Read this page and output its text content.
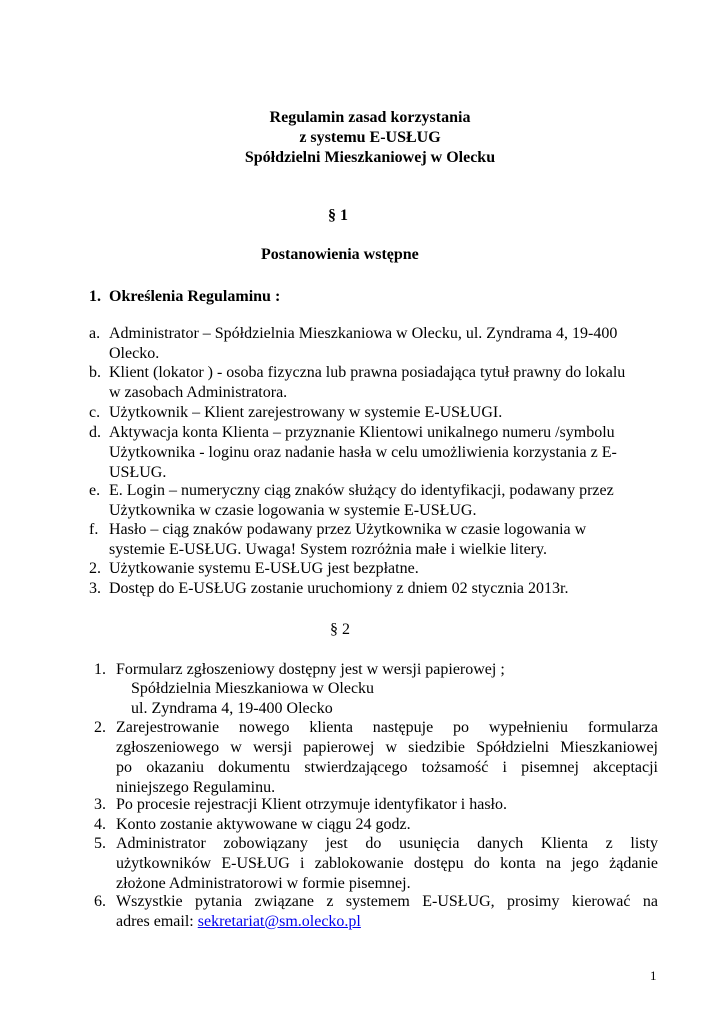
Regulamin zasad korzystania
z systemu E-USŁUG
Spółdzielni Mieszkaniowej w Olecku
§ 1
Postanowienia wstępne
1. Określenia Regulaminu :
a. Administrator – Spółdzielnia Mieszkaniowa w Olecku, ul. Zyndrama 4, 19-400
Olecko.
b. Klient (lokator ) - osoba fizyczna lub prawna posiadająca tytuł prawny do lokalu
w zasobach Administratora.
c. Użytkownik – Klient zarejestrowany w systemie E-USŁUGI.
d. Aktywacja konta Klienta – przyznanie Klientowi unikalnego numeru /symbolu
Użytkownika - loginu oraz nadanie hasła w celu umożliwienia korzystania z E-
USŁUG.
e. E. Login – numeryczny ciąg znaków służący do identyfikacji, podawany przez
Użytkownika w czasie logowania w systemie E-USŁUG.
f. Hasło – ciąg znaków podawany przez Użytkownika w czasie logowania w
systemie E-USŁUG. Uwaga! System rozróżnia małe i wielkie litery.
2. Użytkowanie systemu E-USŁUG jest bezpłatne.
3. Dostęp do E-USŁUG zostanie uruchomiony z dniem 02 stycznia 2013r.
§ 2
1. Formularz zgłoszeniowy dostępny jest w wersji papierowej ;
Spółdzielnia Mieszkaniowa w Olecku
ul. Zyndrama 4, 19-400 Olecko
2. Zarejestrowanie nowego klienta następuje po wypełnieniu formularza
zgłoszeniowego w wersji papierowej w siedzibie Spółdzielni Mieszkaniowej
po okazaniu dokumentu stwierdzającego tożsamość i pisemnej akceptacji
niniejszego Regulaminu.
3. Po procesie rejestracji Klient otrzymuje identyfikator i hasło.
4. Konto zostanie aktywowane w ciągu 24 godz.
5. Administrator zobowiązany jest do usunięcia danych Klienta z listy
użytkowników E-USŁUG i zablokowanie dostępu do konta na jego żądanie
złożone Administratorowi w formie pisemnej.
6. Wszystkie pytania związane z systemem E-USŁUG, prosimy kierować na
adres email: sekretariat@sm.olecko.pl
1
